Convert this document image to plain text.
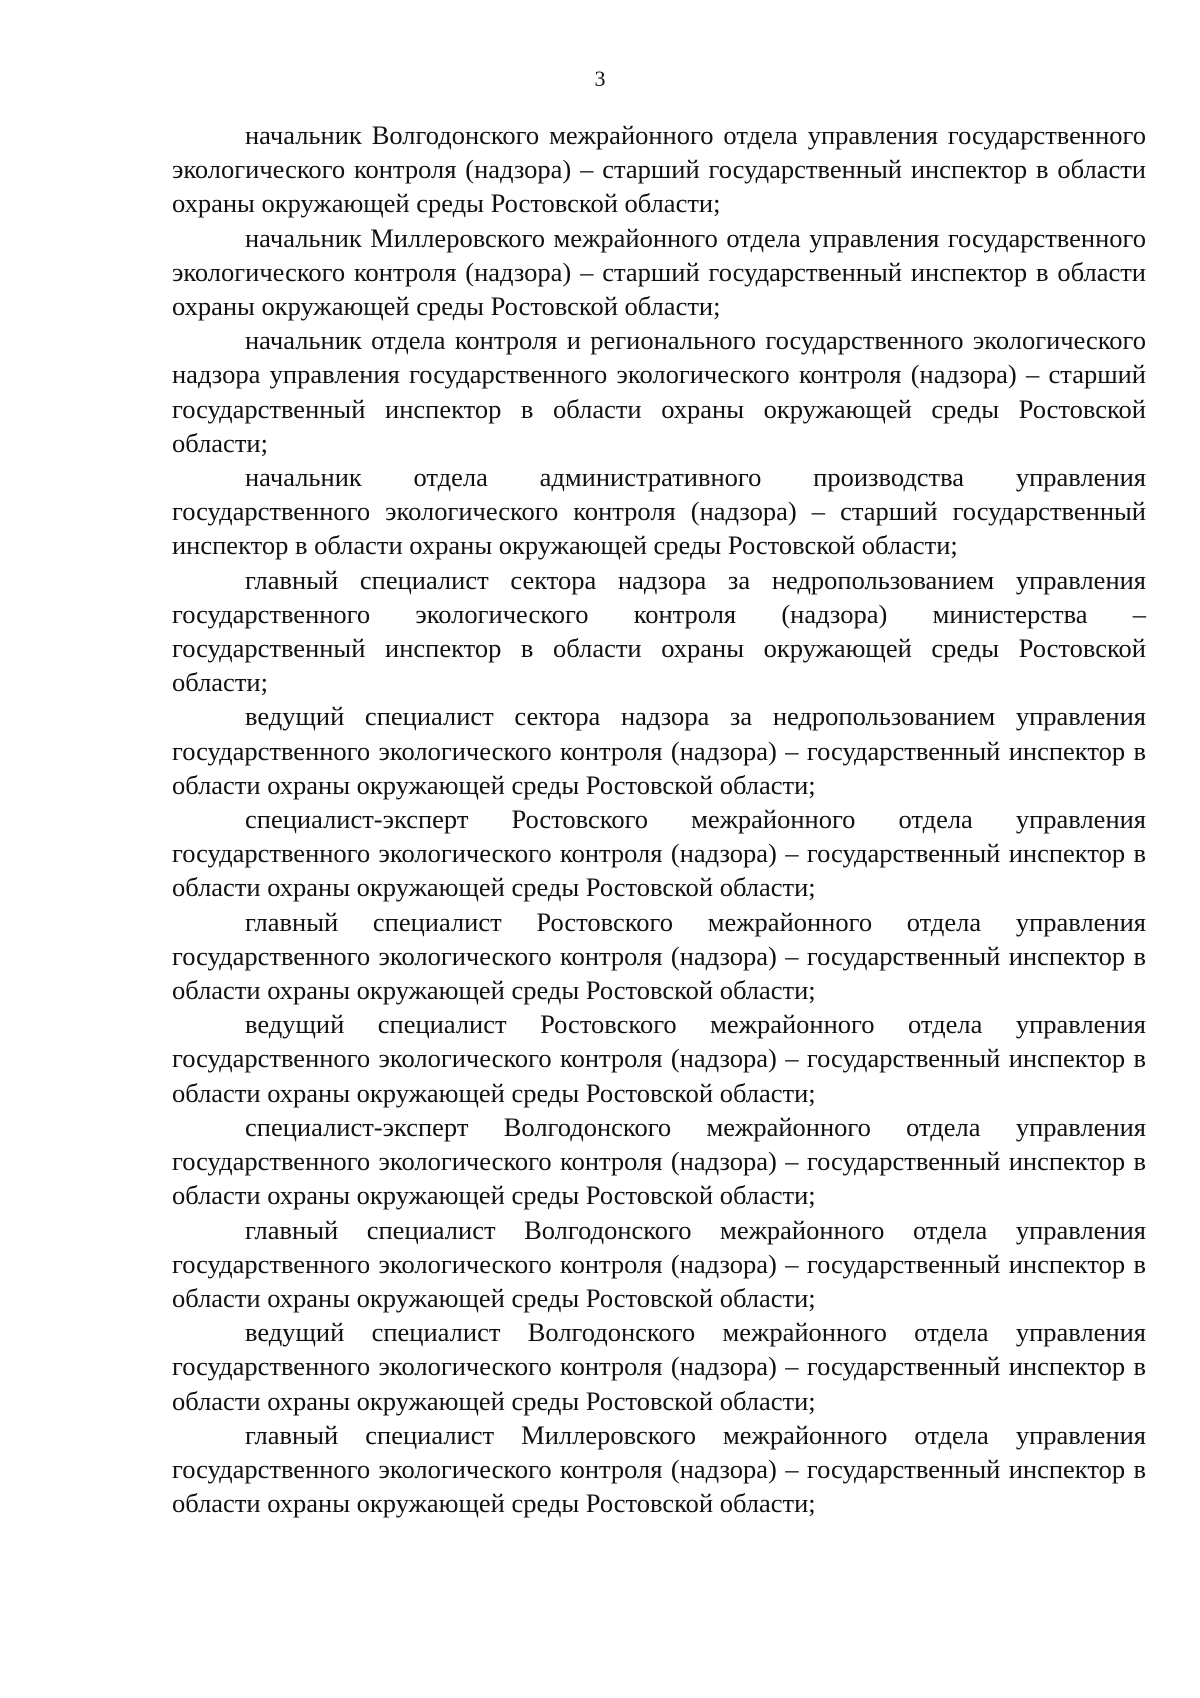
3

начальник Волгодонского межрайонного отдела управления государственного экологического контроля (надзора) – старший государственный инспектор в области охраны окружающей среды Ростовской области;

начальник Миллеровского межрайонного отдела управления государственного экологического контроля (надзора) – старший государственный инспектор в области охраны окружающей среды Ростовской области;

начальник отдела контроля и регионального государственного экологического надзора управления государственного экологического контроля (надзора) – старший государственный инспектор в области охраны окружающей среды Ростовской области;

начальник отдела административного производства управления государственного экологического контроля (надзора) – старший государственный инспектор в области охраны окружающей среды Ростовской области;

главный специалист сектора надзора за недропользованием управления государственного экологического контроля (надзора) министерства – государственный инспектор в области охраны окружающей среды Ростовской области;

ведущий специалист сектора надзора за недропользованием управления государственного экологического контроля (надзора) – государственный инспектор в области охраны окружающей среды Ростовской области;

специалист-эксперт Ростовского межрайонного отдела управления государственного экологического контроля (надзора) – государственный инспектор в области охраны окружающей среды Ростовской области;

главный специалист Ростовского межрайонного отдела управления государственного экологического контроля (надзора) – государственный инспектор в области охраны окружающей среды Ростовской области;

ведущий специалист Ростовского межрайонного отдела управления государственного экологического контроля (надзора) – государственный инспектор в области охраны окружающей среды Ростовской области;

специалист-эксперт Волгодонского межрайонного отдела управления государственного экологического контроля (надзора) – государственный инспектор в области охраны окружающей среды Ростовской области;

главный специалист Волгодонского межрайонного отдела управления государственного экологического контроля (надзора) – государственный инспектор в области охраны окружающей среды Ростовской области;

ведущий специалист Волгодонского межрайонного отдела управления государственного экологического контроля (надзора) – государственный инспектор в области охраны окружающей среды Ростовской области;

главный специалист Миллеровского межрайонного отдела управления государственного экологического контроля (надзора) – государственный инспектор в области охраны окружающей среды Ростовской области;
